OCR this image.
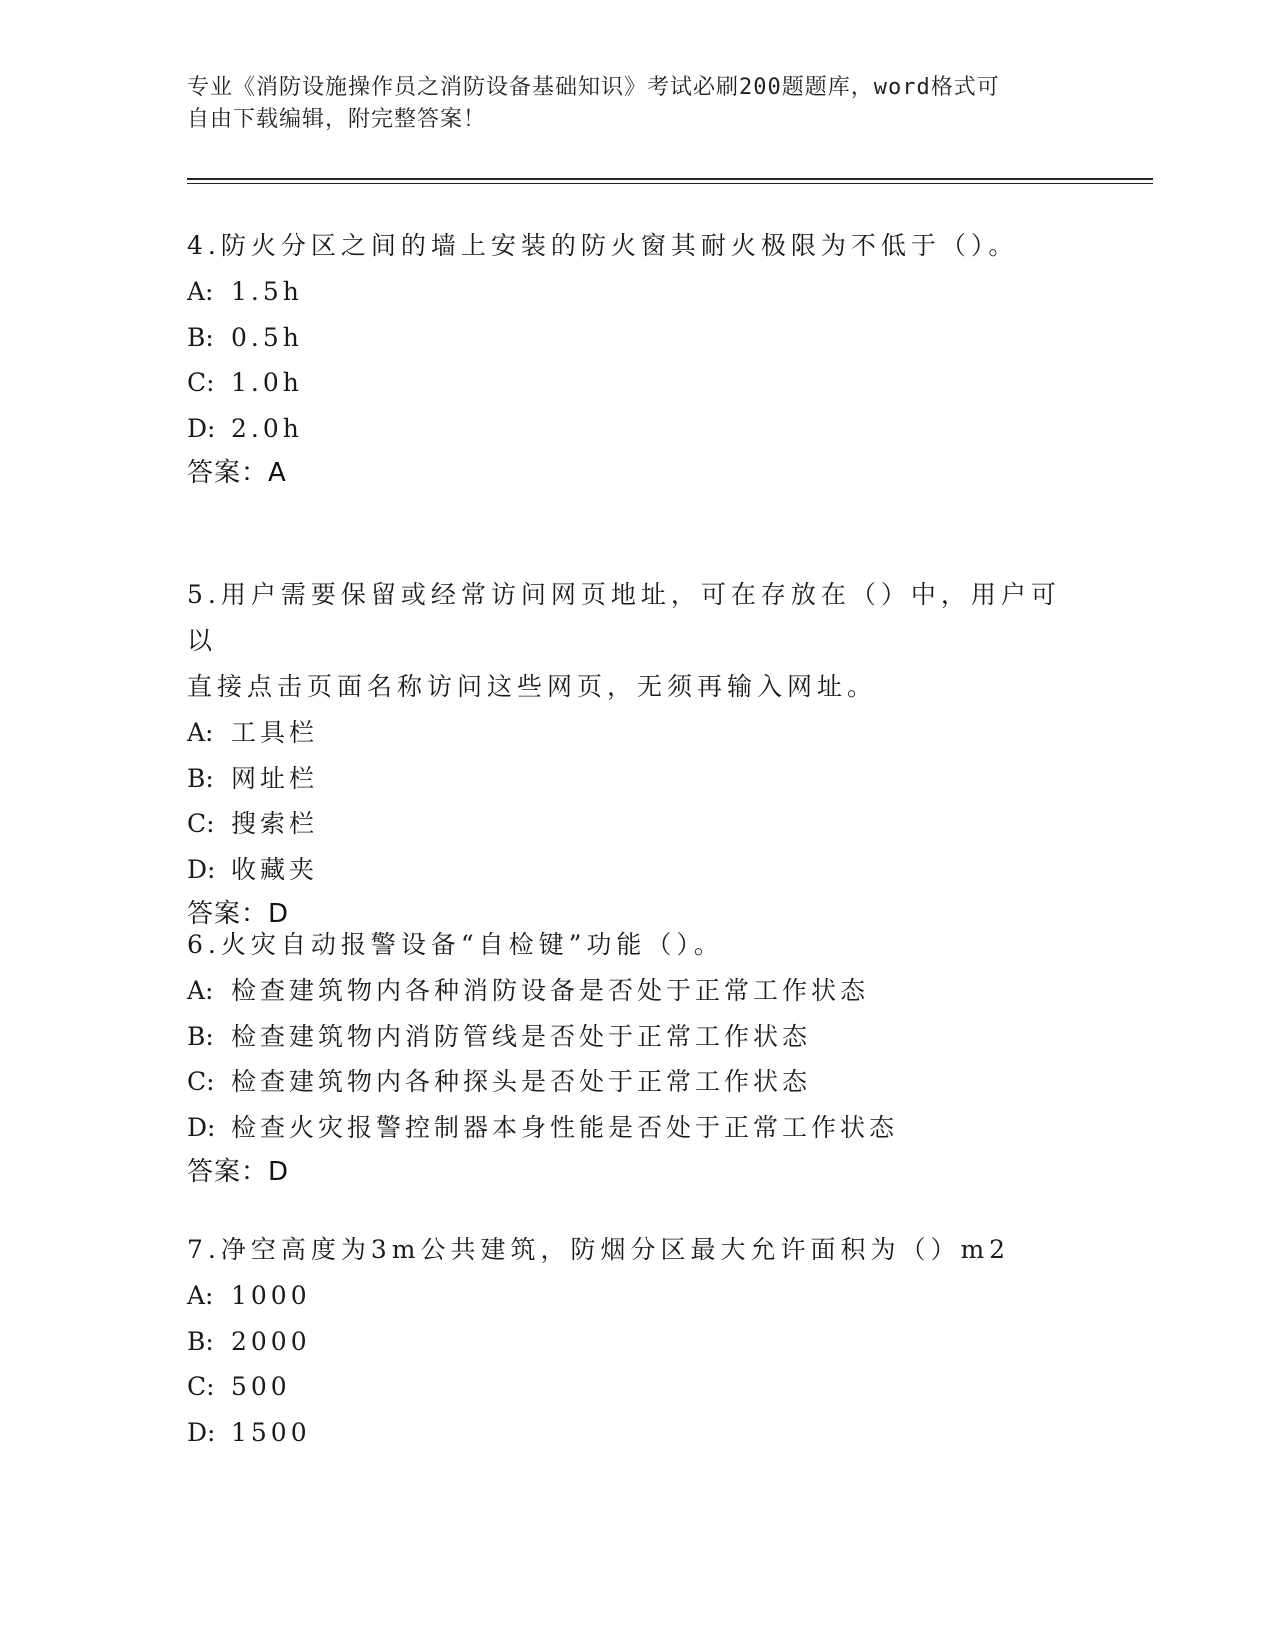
专业《消防设施操作员之消防设备基础知识》考试必刷200题题库，word格式可
自由下载编辑，附完整答案！

4.防火分区之间的墙上安装的防火窗其耐火极限为不低于（）。

A: 1.5h

B: 0.5h

C: 1.0h

D: 2.0h

答案：A

5.用户需要保留或经常访问网页地址，可在存放在（）中，用户可以

直接点击页面名称访问这些网页，无须再输入网址。

A: 工具栏

B: 网址栏

C: 搜索栏

D: 收藏夹

答案：D

6.火灾自动报警设备“自检键”功能（）。

A: 检查建筑物内各种消防设备是否处于正常工作状态

B: 检查建筑物内消防管线是否处于正常工作状态

C: 检查建筑物内各种探头是否处于正常工作状态

D: 检查火灾报警控制器本身性能是否处于正常工作状态

答案：D

7.净空高度为3m公共建筑，防烟分区最大允许面积为（）m2

A: 1000

B: 2000

C: 500

D: 1500
